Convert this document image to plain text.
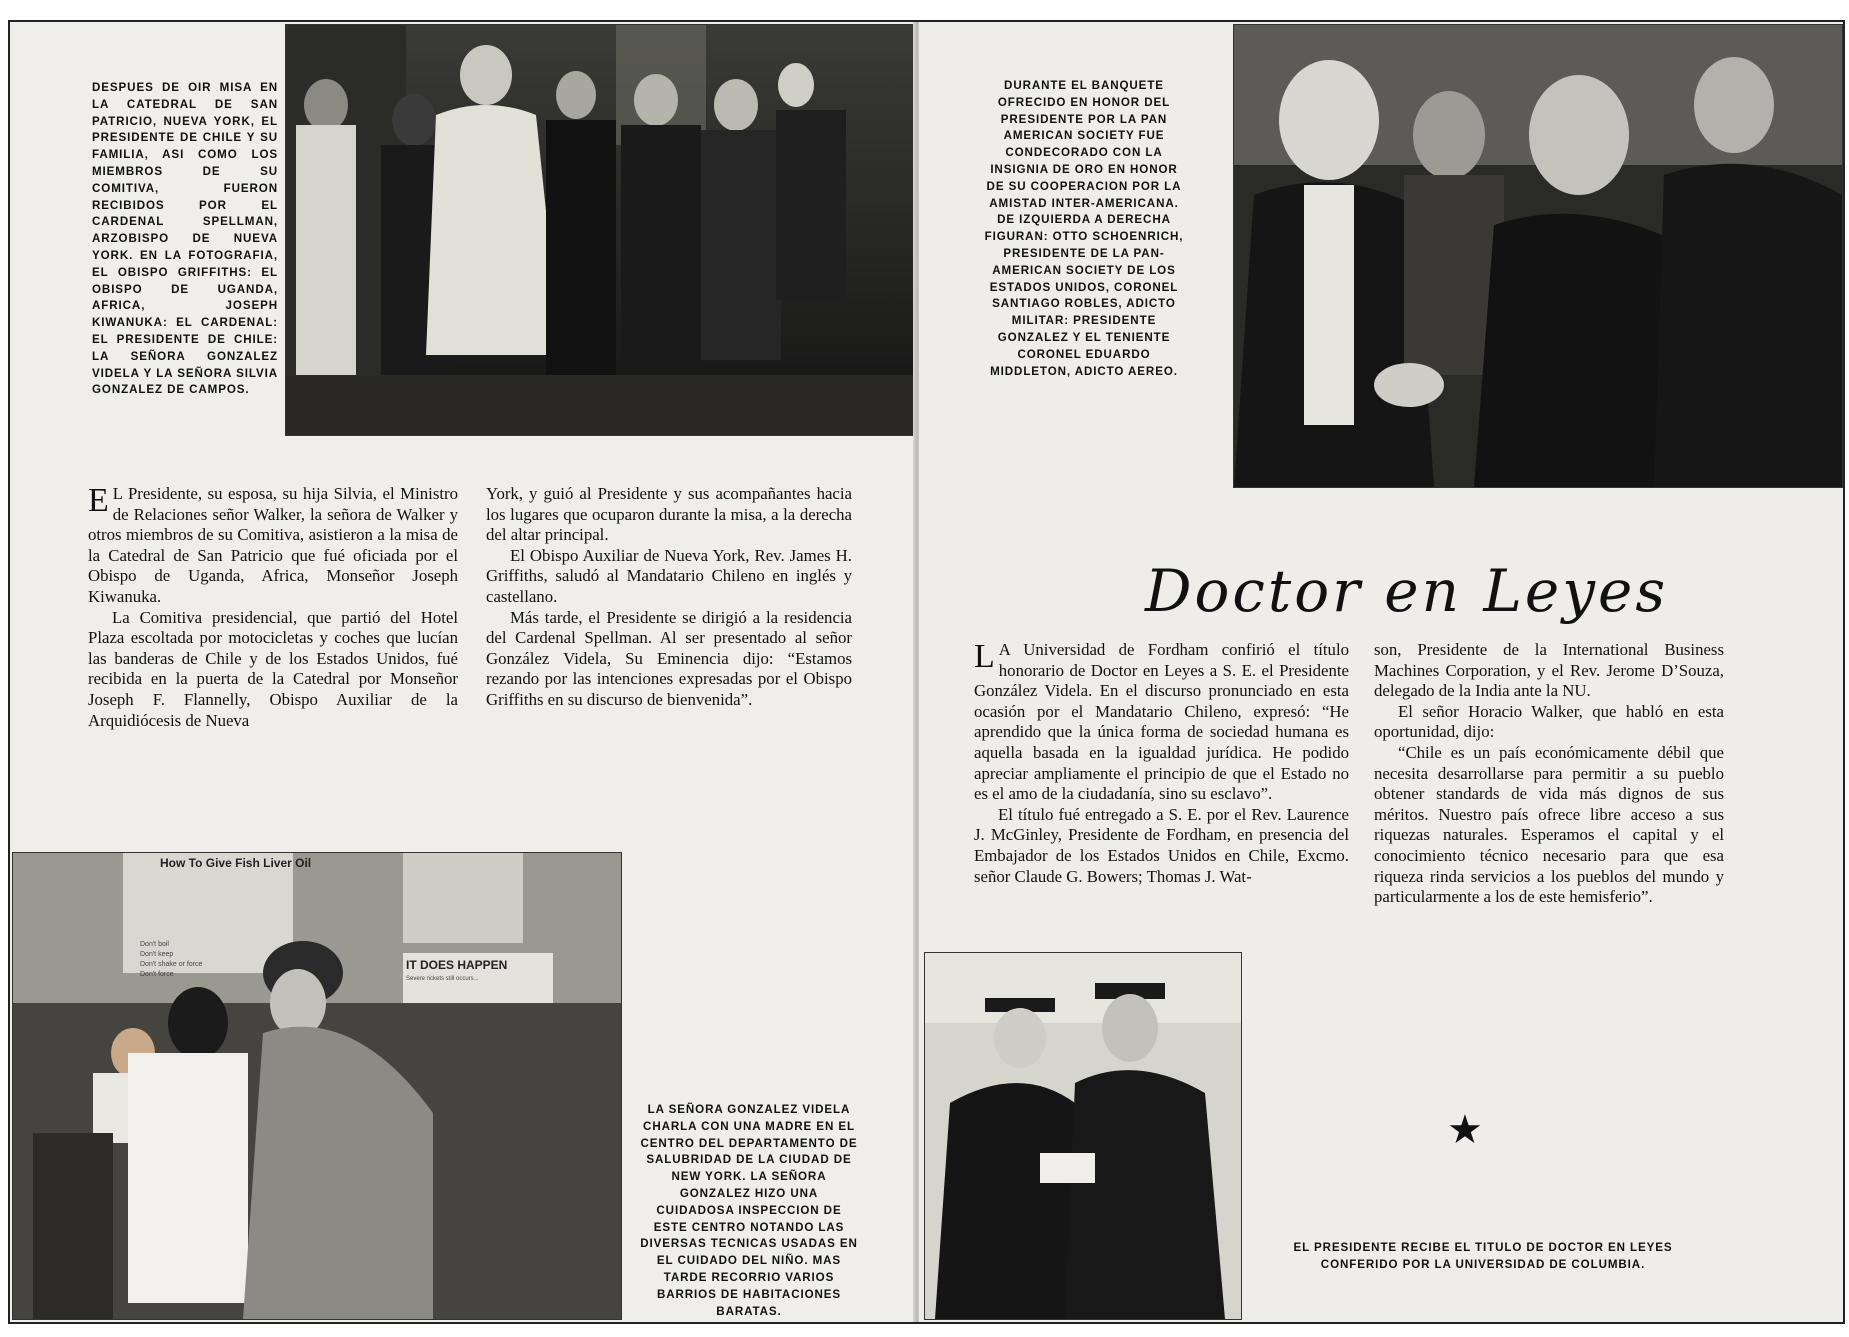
DESPUES DE OIR MISA EN LA CATEDRAL DE SAN PATRICIO, NUEVA YORK, EL PRESIDENTE DE CHILE Y SU FAMILIA, ASI COMO LOS MIEMBROS DE SU COMITIVA, FUERON RECIBIDOS POR EL CARDENAL SPELLMAN, ARZOBISPO DE NUEVA YORK. EN LA FOTOGRAFIA, EL OBISPO GRIFFITHS: EL OBISPO DE UGANDA, AFRICA, JOSEPH KIWANUKA: EL CARDENAL: EL PRESIDENTE DE CHILE: LA SEÑORA GONZALEZ VIDELA Y LA SEÑORA SILVIA GONZALEZ DE CAMPOS.

E L Presidente, su esposa, su hija Silvia, el Ministro de Relaciones señor Walker, la señora de Walker y otros miembros de su Comitiva, asistieron a la misa de la Catedral de San Patricio que fué oficiada por el Obispo de Uganda, Africa, Monseñor Joseph Kiwanuka.

La Comitiva presidencial, que partió del Hotel Plaza escoltada por motocicletas y coches que lucían las banderas de Chile y de los Estados Unidos, fué recibida en la puerta de la Catedral por Monseñor Joseph F. Flannelly, Obispo Auxiliar de la Arquidiócesis de Nueva

York, y guió al Presidente y sus acompañantes hacia los lugares que ocuparon durante la misa, a la derecha del altar principal.

El Obispo Auxiliar de Nueva York, Rev. James H. Griffiths, saludó al Mandatario Chileno en inglés y castellano.

Más tarde, el Presidente se dirigió a la residencia del Cardenal Spellman. Al ser presentado al señor González Videla, Su Eminencia dijo: “Estamos rezando por las intenciones expresadas por el Obispo Griffiths en su discurso de bienvenida”.

How To Give Fish Liver Oil
IT DOES HAPPEN
Severe rickets still occurs...
Don't boil
Don't keep
Don't shake or force
Don't force
LA SEÑORA GONZALEZ VIDELA CHARLA CON UNA MADRE EN EL CENTRO DEL DEPARTAMENTO DE SALUBRIDAD DE LA CIUDAD DE NEW YORK. LA SEÑORA GONZALEZ HIZO UNA CUIDADOSA INSPECCION DE ESTE CENTRO NOTANDO LAS DIVERSAS TECNICAS USADAS EN EL CUIDADO DEL NIÑO. MAS TARDE RECORRIO VARIOS BARRIOS DE HABITACIONES BARATAS.
DURANTE EL BANQUETE OFRECIDO EN HONOR DEL PRESIDENTE POR LA PAN AMERICAN SOCIETY FUE CONDECORADO CON LA INSIGNIA DE ORO EN HONOR DE SU COOPERACION POR LA AMISTAD INTER-AMERICANA. DE IZQUIERDA A DERECHA FIGURAN: OTTO SCHOENRICH, PRESIDENTE DE LA PAN-AMERICAN SOCIETY DE LOS ESTADOS UNIDOS, CORONEL SANTIAGO ROBLES, ADICTO MILITAR: PRESIDENTE GONZALEZ Y EL TENIENTE CORONEL EDUARDO MIDDLETON, ADICTO AEREO.
Doctor en Leyes

L A Universidad de Fordham confirió el título honorario de Doctor en Leyes a S. E. el Presidente González Videla. En el discurso pronunciado en esta ocasión por el Mandatario Chileno, expresó: “He aprendido que la única forma de sociedad humana es aquella basada en la igualdad jurídica. He podido apreciar ampliamente el principio de que el Estado no es el amo de la ciudadanía, sino su esclavo”.

El título fué entregado a S. E. por el Rev. Laurence J. McGinley, Presidente de Fordham, en presencia del Embajador de los Estados Unidos en Chile, Excmo. señor Claude G. Bowers; Thomas J. Wat-

son, Presidente de la International Business Machines Corporation, y el Rev. Jerome D’Souza, delegado de la India ante la NU.

El señor Horacio Walker, que habló en esta oportunidad, dijo:

“Chile es un país económicamente débil que necesita desarrollarse para permitir a su pueblo obtener standards de vida más dignos de sus méritos. Nuestro país ofrece libre acceso a sus riquezas naturales. Esperamos el capital y el conocimiento técnico necesario para que esa riqueza rinda servicios a los pueblos del mundo y particularmente a los de este hemisferio”.

★
EL PRESIDENTE RECIBE EL TITULO DE DOCTOR EN LEYES CONFERIDO POR LA UNIVERSIDAD DE COLUMBIA.
